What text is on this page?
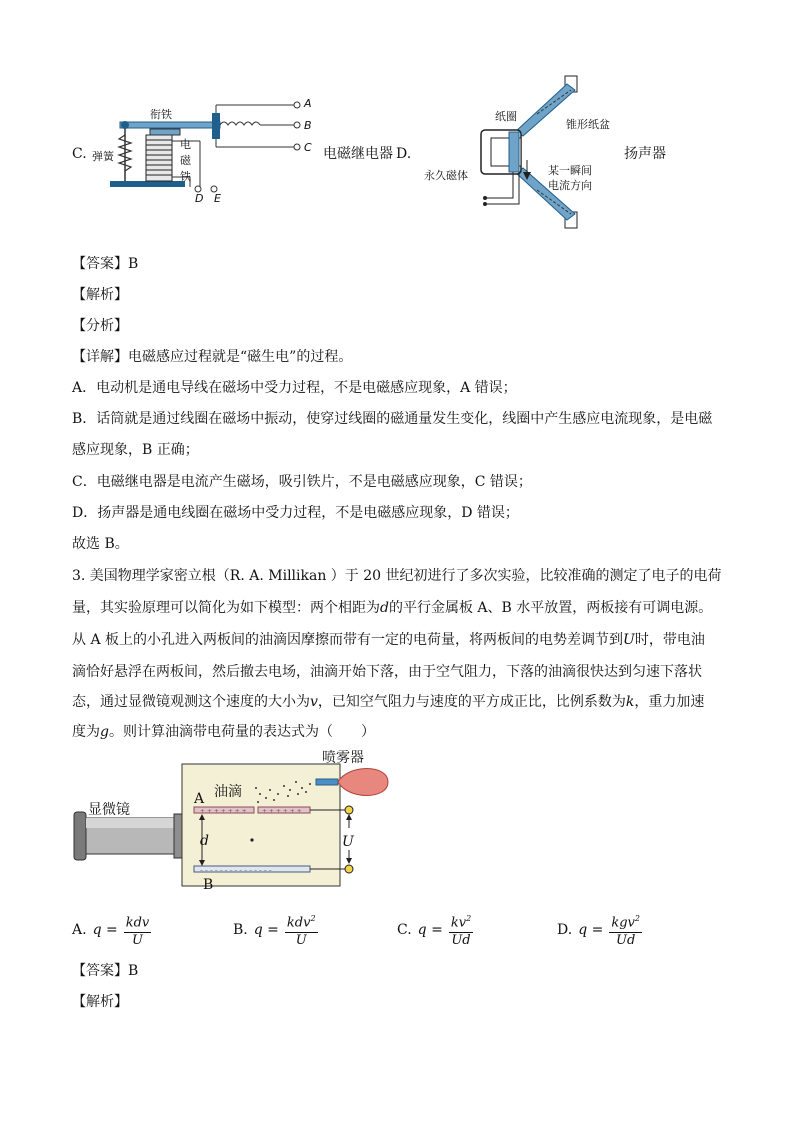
C.
衔铁
弹簧
电
磁
铁
A
B
C
D E
电磁继电器 D.
纸圈
锥形纸盆
永久磁体	某一瞬间
电流方向
扬声器
【答案】B
【解析】
【分析】
【详解】电磁感应过程就是“磁生电”的过程。
A．电动机是通电导线在磁场中受力过程，不是电磁感应现象，A 错误；
B．话筒就是通过线圈在磁场中振动，使穿过线圈的磁通量发生变化，线圈中产生感应电流现象，是电磁
感应现象，B 正确；
C．电磁继电器是电流产生磁场，吸引铁片，不是电磁感应现象，C 错误；
D．扬声器是通电线圈在磁场中受力过程，不是电磁感应现象，D 错误；
故选 B。
3. 美国物理学家密立根（R. A. Millikan ）于 20 世纪初进行了多次实验，比较准确的测定了电子的电荷
量，其实验原理可以简化为如下模型：两个相距为d的平行金属板 A、B 水平放置，两板接有可调电源。
从 A 板上的小孔进入两板间的油滴因摩擦而带有一定的电荷量，将两板间的电势差调节到U时，带电油
滴恰好悬浮在两板间，然后撤去电场，油滴开始下落，由于空气阻力，下落的油滴很快达到匀速下落状
态，通过显微镜观测这个速度的大小为v，已知空气阻力与速度的平方成正比，比例系数为k，重力加速
度为g。则计算油滴带电荷量的表达式为（　　）
+ + + + + + +	+ + + + + +
– – – – – – – – – – – – – – –
喷雾器
油滴
显微镜
A
B
d	U
A. $q = \frac{\text{kdv}}{U}$	B. $q = \frac{kdv^2}{U}$	C. $q = \frac{kv^2}{Ud}$	D. $q = \frac{kgv^2}{Ud}$
【答案】B
【解析】
